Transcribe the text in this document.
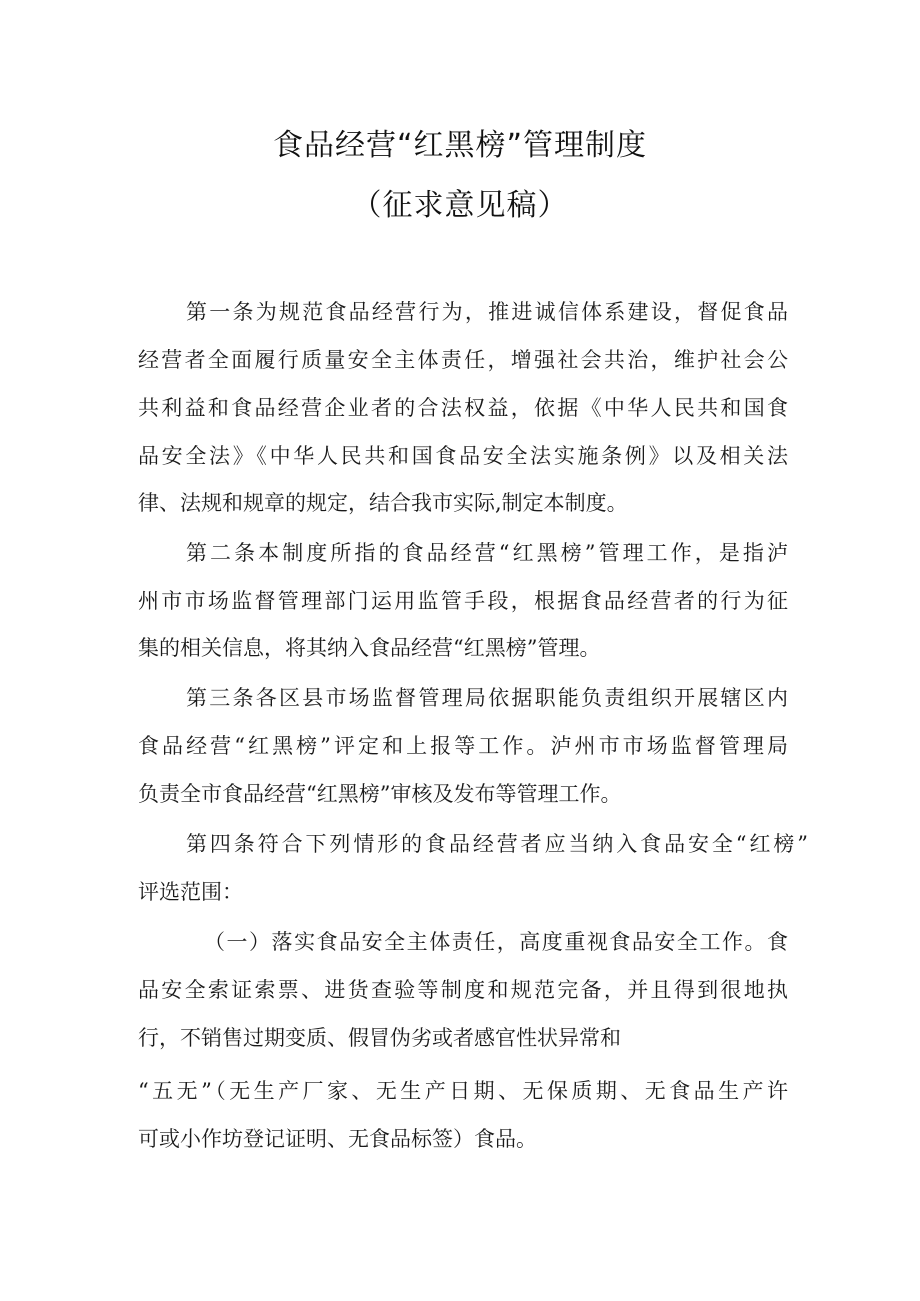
食品经营“红黑榜”管理制度
（征求意见稿）
第一条为规范食品经营行为，推进诚信体系建设，督促食品
经营者全面履行质量安全主体责任，增强社会共治，维护社会公
共利益和食品经营企业者的合法权益，依据《中华人民共和国食
品安全法》《中华人民共和国食品安全法实施条例》以及相关法
律、法规和规章的规定，结合我市实际,制定本制度。
第二条本制度所指的食品经营“红黑榜”管理工作，是指泸
州市市场监督管理部门运用监管手段，根据食品经营者的行为征
集的相关信息，将其纳入食品经营“红黑榜”管理。
第三条各区县市场监督管理局依据职能负责组织开展辖区内
食品经营“红黑榜”评定和上报等工作。泸州市市场监督管理局
负责全市食品经营“红黑榜”审核及发布等管理工作。
第四条符合下列情形的食品经营者应当纳入食品安全“红榜”
评选范围：
（一）落实食品安全主体责任，高度重视食品安全工作。食
品安全索证索票、进货查验等制度和规范完备，并且得到很地执
行，不销售过期变质、假冒伪劣或者感官性状异常和
“五无”（无生产厂家、无生产日期、无保质期、无食品生产许
可或小作坊登记证明、无食品标签）食品。
